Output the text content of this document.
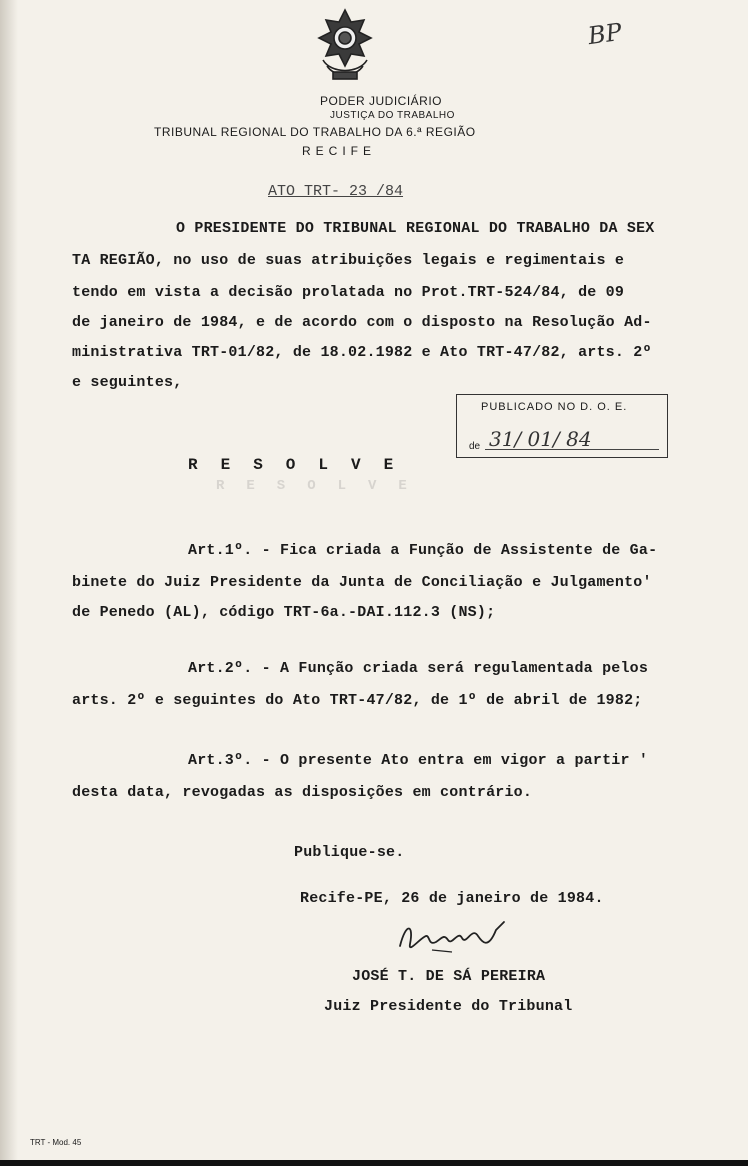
BP
PODER JUDICIÁRIO
JUSTIÇA DO TRABALHO
TRIBUNAL REGIONAL DO TRABALHO DA 6.ª REGIÃO
RECIFE
ATO TRT- 23 /84
O PRESIDENTE DO TRIBUNAL REGIONAL DO TRABALHO DA SEX
TA REGIÃO, no uso de suas atribuições legais e regimentais e
tendo em vista a decisão prolatada no Prot.TRT-524/84, de 09
de janeiro de 1984, e de acordo com o disposto na Resolução Ad-
ministrativa TRT-01/82, de 18.02.1982 e Ato TRT-47/82, arts. 2º
e seguintes,
PUBLICADO NO D. O. E.
de 31/ 01/ 84
RESOLVE
RESOLVE
Art.1º. - Fica criada a Função de Assistente de Ga-
binete do Juiz Presidente da Junta de Conciliação e Julgamento'
de Penedo (AL), código TRT-6a.-DAI.112.3 (NS);
Art.2º. - A Função criada será regulamentada pelos
arts. 2º e seguintes do Ato TRT-47/82, de 1º de abril de 1982;
Art.3º. - O presente Ato entra em vigor a partir '
desta data, revogadas as disposições em contrário.
Publique-se.
Recife-PE, 26 de janeiro de 1984.
JOSÉ T. DE SÁ PEREIRA
Juiz Presidente do Tribunal
TRT - Mod. 45
